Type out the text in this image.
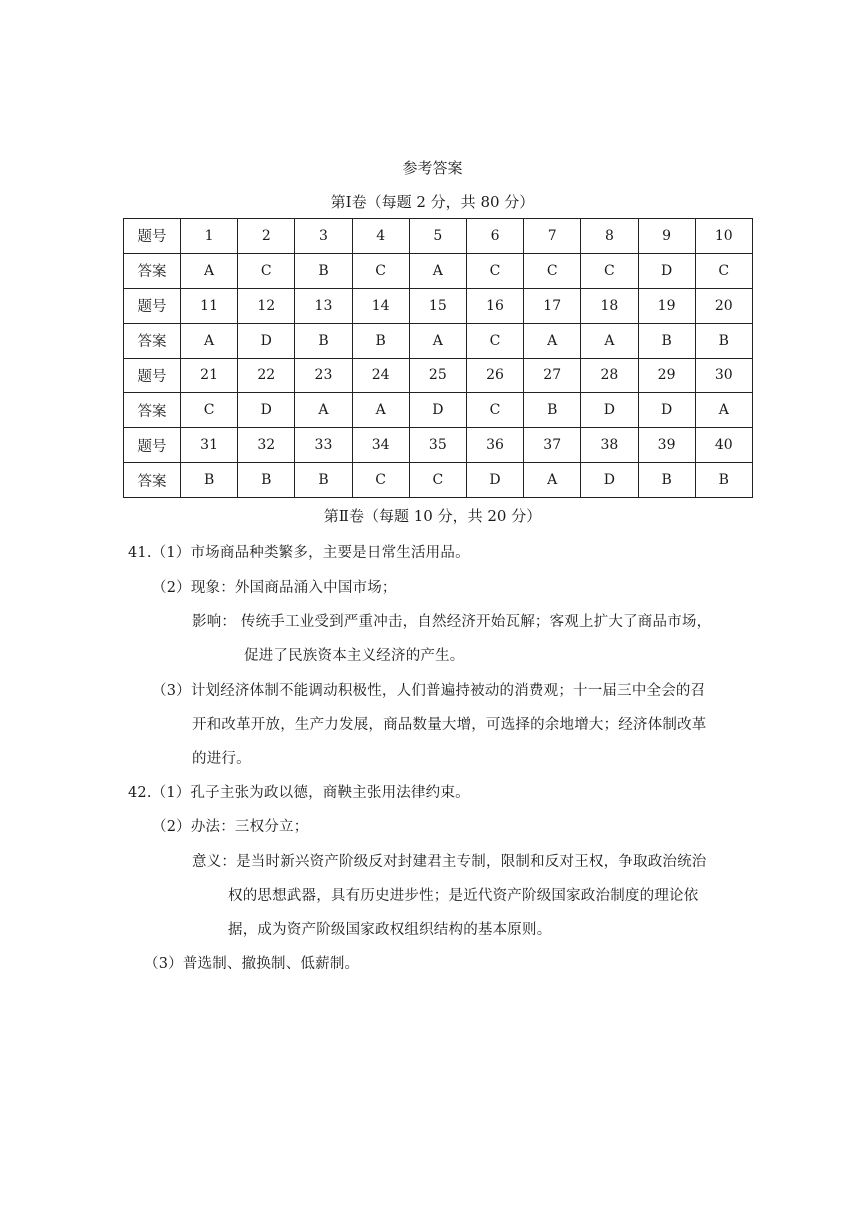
参考答案
第Ⅰ卷（每题 2 分，共 80 分）
题号	1	2	3	4	5	6	7	8	9	10
答案	A	C	B	C	A	C	C	C	D	C
题号	11	12	13	14	15	16	17	18	19	20
答案	A	D	B	B	A	C	A	A	B	B
题号	21	22	23	24	25	26	27	28	29	30
答案	C	D	A	A	D	C	B	D	D	A
题号	31	32	33	34	35	36	37	38	39	40
答案	B	B	B	C	C	D	A	D	B	B
第Ⅱ卷（每题 10 分，共 20 分）
41.（1）市场商品种类繁多，主要是日常生活用品。
（2）现象：外国商品涌入中国市场；
影响： 传统手工业受到严重冲击，自然经济开始瓦解；客观上扩大了商品市场，
促进了民族资本主义经济的产生。
（3）计划经济体制不能调动积极性，人们普遍持被动的消费观；十一届三中全会的召
开和改革开放，生产力发展，商品数量大增，可选择的余地增大；经济体制改革
的进行。
42.（1）孔子主张为政以德，商鞅主张用法律约束。
（2）办法：三权分立；
意义：是当时新兴资产阶级反对封建君主专制，限制和反对王权，争取政治统治
权的思想武器，具有历史进步性；是近代资产阶级国家政治制度的理论依
据，成为资产阶级国家政权组织结构的基本原则。
（3）普选制、撤换制、低薪制。
